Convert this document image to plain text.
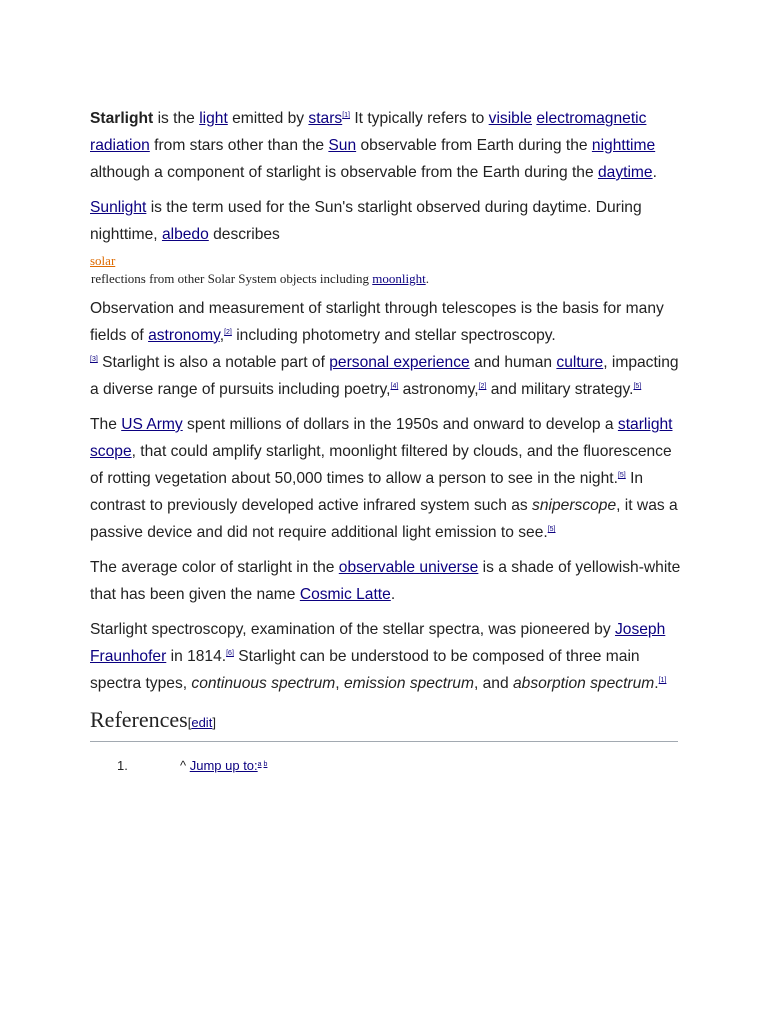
Starlight is the light emitted by stars[1] It typically refers to visible electromagnetic radiation from stars other than the Sun observable from Earth during the nighttime although a component of starlight is observable from the Earth during the daytime.

Sunlight is the term used for the Sun's starlight observed during daytime. During nighttime, albedo describes

solar
reflections from other Solar System objects including moonlight.

Observation and measurement of starlight through telescopes is the basis for many fields of astronomy,[2] including photometry and stellar spectroscopy.
[3] Starlight is also a notable part of personal experience and human culture, impacting a diverse range of pursuits including poetry,[4] astronomy,[2] and military strategy.[5]

The US Army spent millions of dollars in the 1950s and onward to develop a starlight scope, that could amplify starlight, moonlight filtered by clouds, and the fluorescence of rotting vegetation about 50,000 times to allow a person to see in the night.[5] In contrast to previously developed active infrared system such as sniperscope, it was a passive device and did not require additional light emission to see.[5]

The average color of starlight in the observable universe is a shade of yellowish-white that has been given the name Cosmic Latte.

Starlight spectroscopy, examination of the stellar spectra, was pioneered by Joseph Fraunhofer in 1814.[6] Starlight can be understood to be composed of three main spectra types, continuous spectrum, emission spectrum, and absorption spectrum.[1]

References[edit]
1.	^ Jump up to:$^{a b}$
